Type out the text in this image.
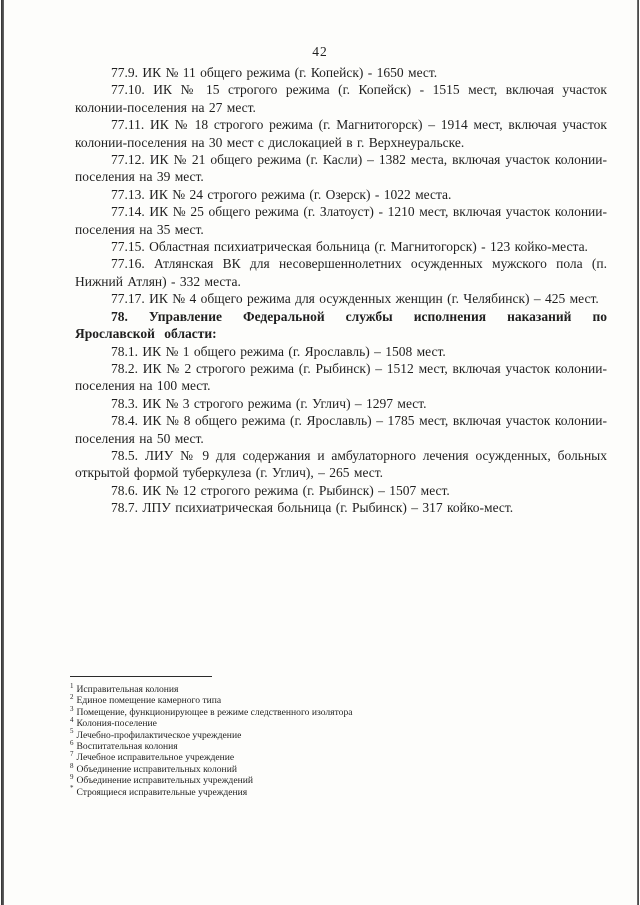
42

77.9. ИК № 11 общего режима (г. Копейск) - 1650 мест.

77.10. ИК № 15 строгого режима (г. Копейск) - 1515 мест, включая участок колонии-поселения на 27 мест.

77.11. ИК № 18 строгого режима (г. Магнитогорск) – 1914 мест, включая участок колонии-поселения на 30 мест с дислокацией в г. Верхнеуральске.

77.12. ИК № 21 общего режима (г. Касли) – 1382 места, включая участок колонии-поселения на 39 мест.

77.13. ИК № 24 строгого режима (г. Озерск) - 1022 места.

77.14. ИК № 25 общего режима (г. Златоуст) - 1210 мест, включая участок колонии-поселения на 35 мест.

77.15. Областная психиатрическая больница (г. Магнитогорск) - 123 койко-места.

77.16. Атлянская ВК для несовершеннолетних осужденных мужского пола (п. Нижний Атлян) - 332 места.

77.17. ИК № 4 общего режима для осужденных женщин (г. Челябинск) – 425 мест.

78. Управление Федеральной службы исполнения наказаний по Ярославской области:

78.1. ИК № 1 общего режима (г. Ярославль) – 1508 мест.

78.2. ИК № 2 строгого режима (г. Рыбинск) – 1512 мест, включая участок колонии-поселения на 100 мест.

78.3. ИК № 3 строгого режима (г. Углич) – 1297 мест.

78.4. ИК № 8 общего режима (г. Ярославль) – 1785 мест, включая участок колонии-поселения на 50 мест.

78.5. ЛИУ № 9 для содержания и амбулаторного лечения осужденных, больных открытой формой туберкулеза (г. Углич), – 265 мест.

78.6. ИК № 12 строгого режима (г. Рыбинск) – 1507 мест.

78.7. ЛПУ психиатрическая больница (г. Рыбинск) – 317 койко-мест.

$^1$ Исправительная колония
$^2$ Единое помещение камерного типа
$^3$ Помещение, функционирующее в режиме следственного изолятора
$^4$ Колония-поселение
$^5$ Лечебно-профилактическое учреждение
$^6$ Воспитательная колония
$^7$ Лечебное исправительное учреждение
$^8$ Объединение исправительных колоний
$^9$ Объединение исправительных учреждений
* Строящиеся исправительные учреждения
